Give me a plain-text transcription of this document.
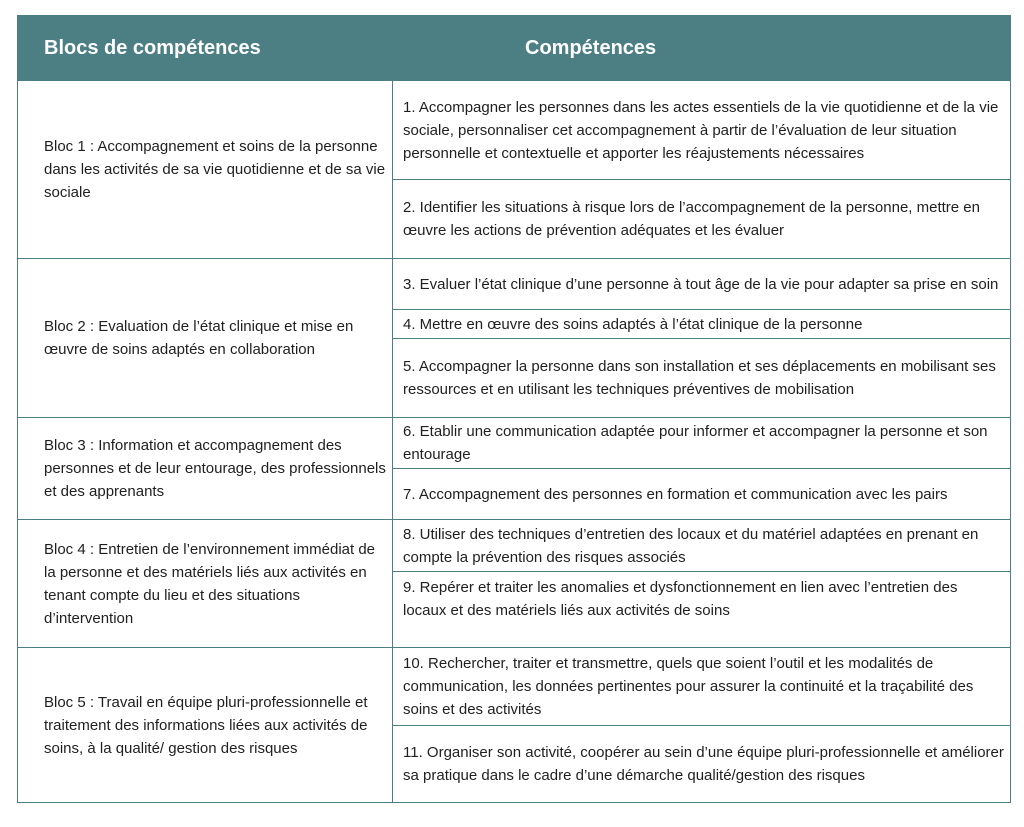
Blocs de compétences	Compétences
Bloc 1 : Accompagnement et soins de la personne dans les activités de sa vie quotidienne et de sa vie sociale	1. Accompagner les personnes dans les actes essentiels de la vie quotidienne et de la vie sociale, personnaliser cet accompagnement à partir de l’évaluation de leur situation personnelle et contextuelle et apporter les réajustements nécessaires
	2. Identifier les situations à risque lors de l’accompagnement de la personne, mettre en œuvre les actions de prévention adéquates et les évaluer
Bloc 2 : Evaluation de l’état clinique et mise en œuvre de soins adaptés en collaboration	3. Evaluer l’état clinique d’une personne à tout âge de la vie pour adapter sa prise en soin
	4. Mettre en œuvre des soins adaptés à l’état clinique de la personne
	5. Accompagner la personne dans son installation et ses déplacements en mobilisant ses ressources et en utilisant les techniques préventives de mobilisation
Bloc 3 : Information et accompagnement des personnes et de leur entourage, des professionnels et des apprenants	6. Etablir une communication adaptée pour informer et accompagner la personne et son entourage
	7. Accompagnement des personnes en formation et communication avec les pairs
Bloc 4 : Entretien de l’environnement immédiat de la personne et des matériels liés aux activités en tenant compte du lieu et des situations d’intervention	8. Utiliser des techniques d’entretien des locaux et du matériel adaptées en prenant en compte la prévention des risques associés
	9. Repérer et traiter les anomalies et dysfonctionnement en lien avec l’entretien des locaux et des matériels liés aux activités de soins
Bloc 5 : Travail en équipe pluri-professionnelle et traitement des informations liées aux activités de soins, à la qualité/ gestion des risques	10. Rechercher, traiter et transmettre, quels que soient l’outil et les modalités de communication, les données pertinentes pour assurer la continuité et la traçabilité des soins et des activités
	11. Organiser son activité, coopérer au sein d’une équipe pluri-professionnelle et améliorer sa pratique dans le cadre d’une démarche qualité/gestion des risques
